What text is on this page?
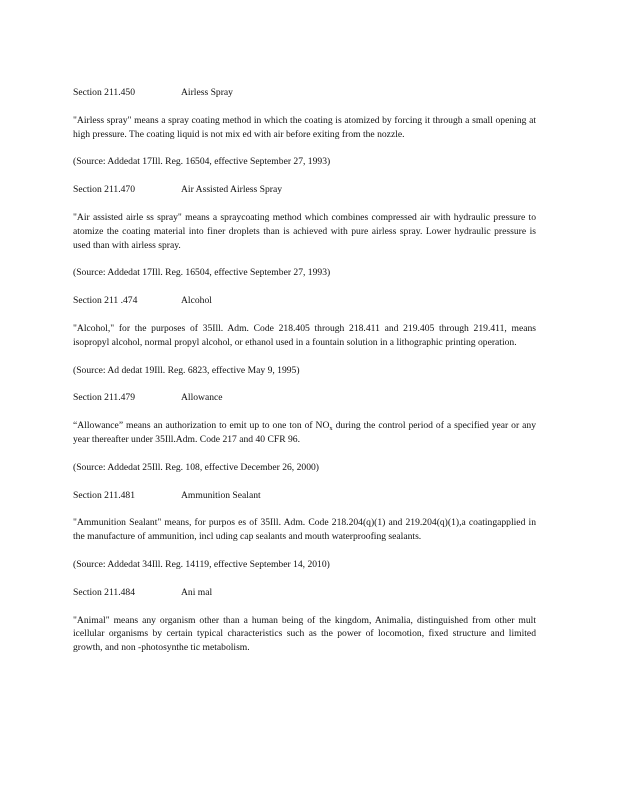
Section 211.450	Airless Spray

"Airless spray" means a spray coating method in which the coating is atomized by forcing it through a small opening at high pressure. The coating liquid is not mix ed with air before exiting from the nozzle.

(Source: Addedat 17Ill. Reg. 16504, effective September 27, 1993)

Section 211.470	Air Assisted Airless Spray

"Air assisted airle ss spray" means a spraycoating method which combines compressed air with hydraulic pressure to atomize the coating material into finer droplets than is achieved with pure airless spray. Lower hydraulic pressure is used than with airless spray.

(Source: Addedat 17Ill. Reg. 16504, effective September 27, 1993)

Section 211 .474	Alcohol

"Alcohol," for the purposes of 35Ill. Adm. Code 218.405 through 218.411 and 219.405 through 219.411, means isopropyl alcohol, normal propyl alcohol, or ethanol used in a fountain solution in a lithographic printing operation.

(Source: Ad dedat 19Ill. Reg. 6823, effective May 9, 1995)

Section 211.479	Allowance

“Allowance” means an authorization to emit up to one ton of $NO_x$ during the control period of a specified year or any year thereafter under 35Ill.Adm. Code 217 and 40 CFR 96.

(Source: Addedat 25Ill. Reg. 108, effective December 26, 2000)

Section 211.481	Ammunition Sealant

"Ammunition Sealant" means, for purpos es of 35Ill. Adm. Code 218.204(q)(1) and 219.204(q)(1),a coatingapplied in the manufacture of ammunition, incl uding cap sealants and mouth waterproofing sealants.

(Source: Addedat 34Ill. Reg. 14119, effective September 14, 2010)

Section 211.484	Ani mal

"Animal" means any organism other than a human being of the kingdom, Animalia, distinguished from other mult icellular organisms by certain typical characteristics such as the power of locomotion, fixed structure and limited growth, and non -photosynthe tic metabolism.
